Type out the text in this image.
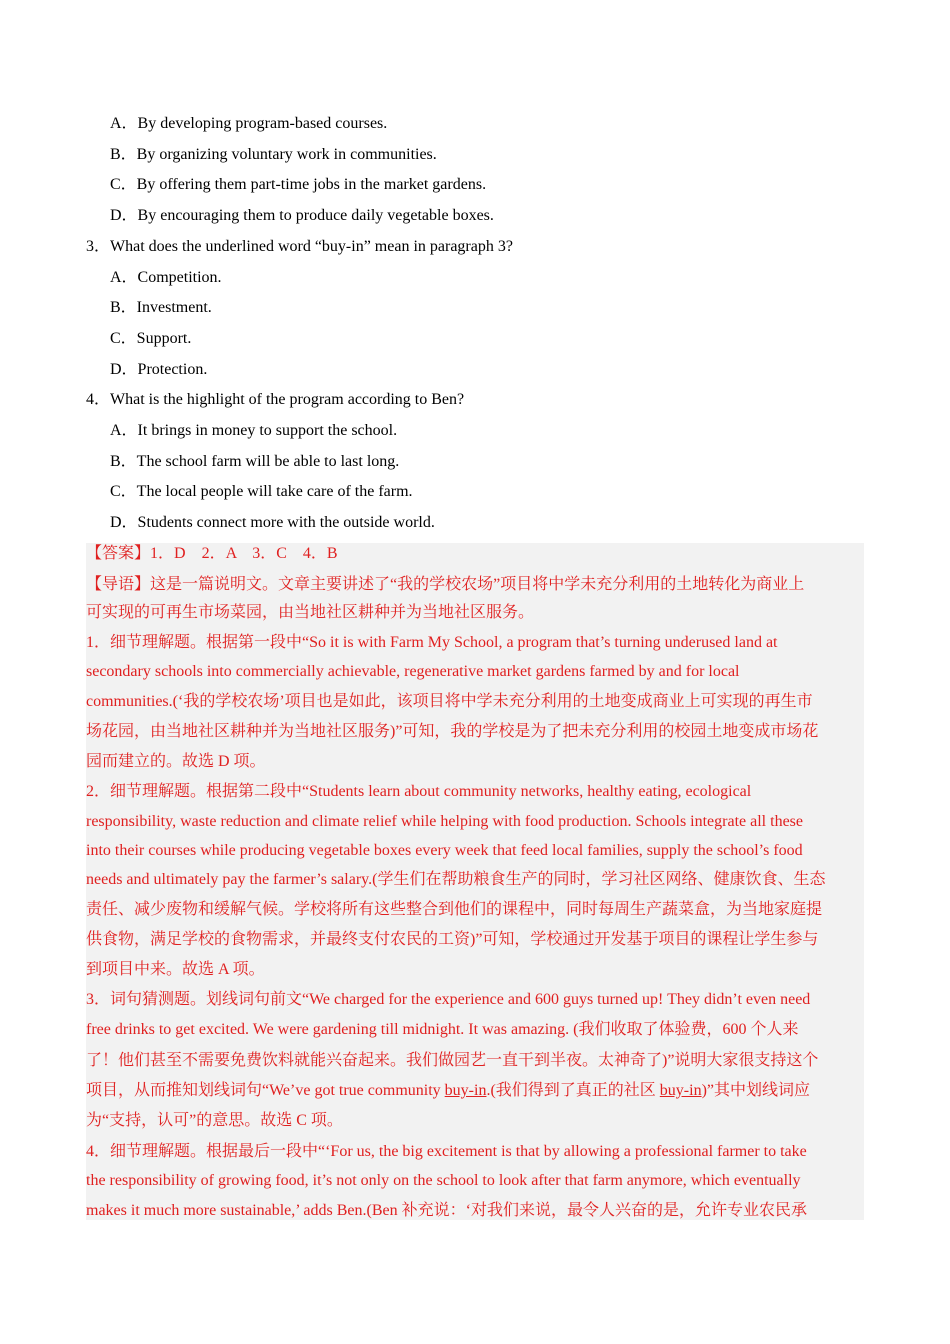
A．By developing program-based courses.
B．By organizing voluntary work in communities.
C．By offering them part-time jobs in the market gardens.
D．By encouraging them to produce daily vegetable boxes.
3．What does the underlined word “buy-in” mean in paragraph 3?
A．Competition.
B．Investment.
C．Support.
D．Protection.
4．What is the highlight of the program according to Ben?
A．It brings in money to support the school.
B．The school farm will be able to last long.
C．The local people will take care of the farm.
D．Students connect more with the outside world.
【答案】1．D　2．A　3．C　4．B
【导语】这是一篇说明文。文章主要讲述了“我的学校农场”项目将中学未充分利用的土地转化为商业上
可实现的可再生市场菜园，由当地社区耕种并为当地社区服务。
1．细节理解题。根据第一段中“So it is with Farm My School, a program that’s turning underused land at
secondary schools into commercially achievable, regenerative market gardens farmed by and for local
communities.(‘我的学校农场’项目也是如此，该项目将中学未充分利用的土地变成商业上可实现的再生市
场花园，由当地社区耕种并为当地社区服务)”可知，我的学校是为了把未充分利用的校园土地变成市场花
园而建立的。故选 D 项。
2．细节理解题。根据第二段中“Students learn about community networks, healthy eating, ecological
responsibility, waste reduction and climate relief while helping with food production. Schools integrate all these
into their courses while producing vegetable boxes every week that feed local families, supply the school’s food
needs and ultimately pay the farmer’s salary.(学生们在帮助粮食生产的同时，学习社区网络、健康饮食、生态
责任、减少废物和缓解气候。学校将所有这些整合到他们的课程中，同时每周生产蔬菜盒，为当地家庭提
供食物，满足学校的食物需求，并最终支付农民的工资)”可知，学校通过开发基于项目的课程让学生参与
到项目中来。故选 A 项。
3．词句猜测题。划线词句前文“We charged for the experience and 600 guys turned up! They didn’t even need
free drinks to get excited. We were gardening till midnight. It was amazing. (我们收取了体验费，600 个人来
了！他们甚至不需要免费饮料就能兴奋起来。我们做园艺一直干到半夜。太神奇了)”说明大家很支持这个
项目，从而推知划线词句“We’ve got true community buy-in.(我们得到了真正的社区 buy-in)”其中划线词应
为“支持，认可”的意思。故选 C 项。
4．细节理解题。根据最后一段中“‘For us, the big excitement is that by allowing a professional farmer to take
the responsibility of growing food, it’s not only on the school to look after that farm anymore, which eventually
makes it much more sustainable,’ adds Ben.(Ben 补充说：‘对我们来说，最令人兴奋的是，允许专业农民承
